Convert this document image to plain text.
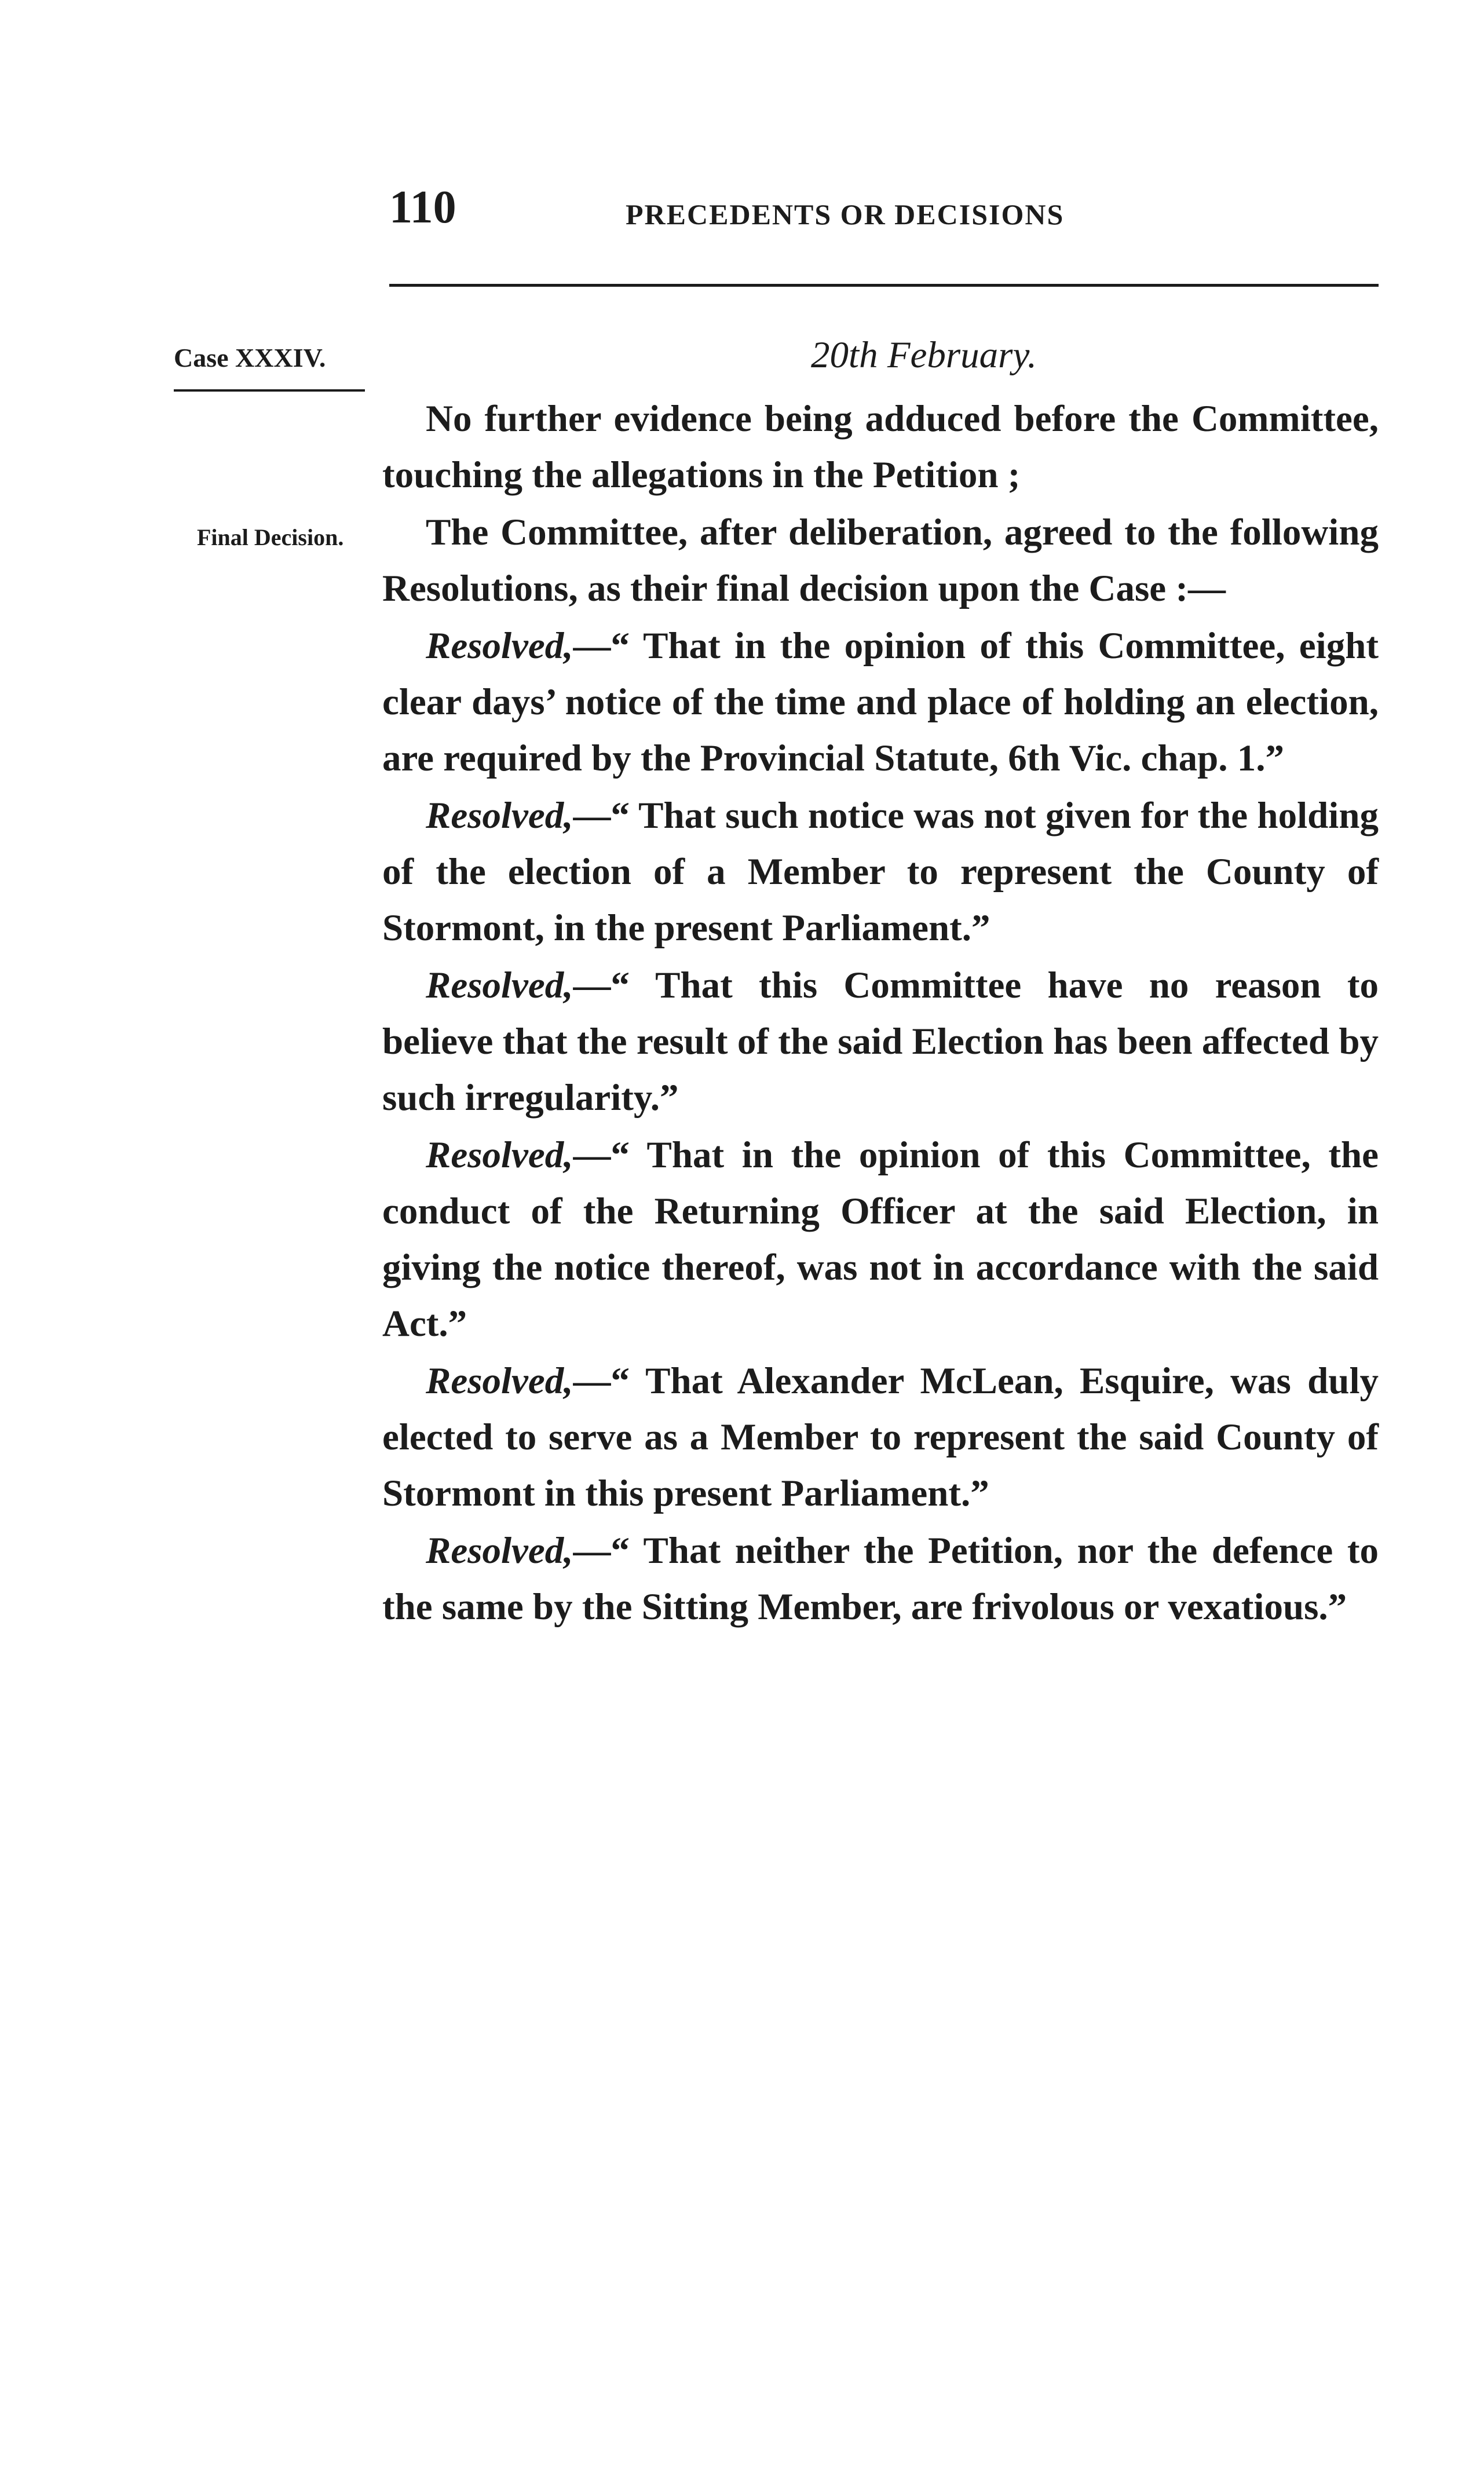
110	PRECEDENTS OR DECISIONS
Case XXXIV.
Final Decision.

20th February.

No further evidence being adduced before the Committee, touching the allegations in the Petition ;

The Committee, after deliberation, agreed to the following Resolutions, as their final decision upon the Case :—

Resolved,—“ That in the opinion of this Committee, eight clear days’ notice of the time and place of holding an election, are required by the Provincial Statute, 6th Vic. chap. 1.”

Resolved,—“ That such notice was not given for the holding of the election of a Member to represent the County of Stormont, in the present Parliament.”

Resolved,—“ That this Committee have no reason to believe that the result of the said Election has been affected by such irregularity.”

Resolved,—“ That in the opinion of this Committee, the conduct of the Returning Officer at the said Election, in giving the notice thereof, was not in accordance with the said Act.”

Resolved,—“ That Alexander McLean, Esquire, was duly elected to serve as a Member to represent the said County of Stormont in this present Parliament.”

Resolved,—“ That neither the Petition, nor the defence to the same by the Sitting Member, are frivolous or vexatious.”
